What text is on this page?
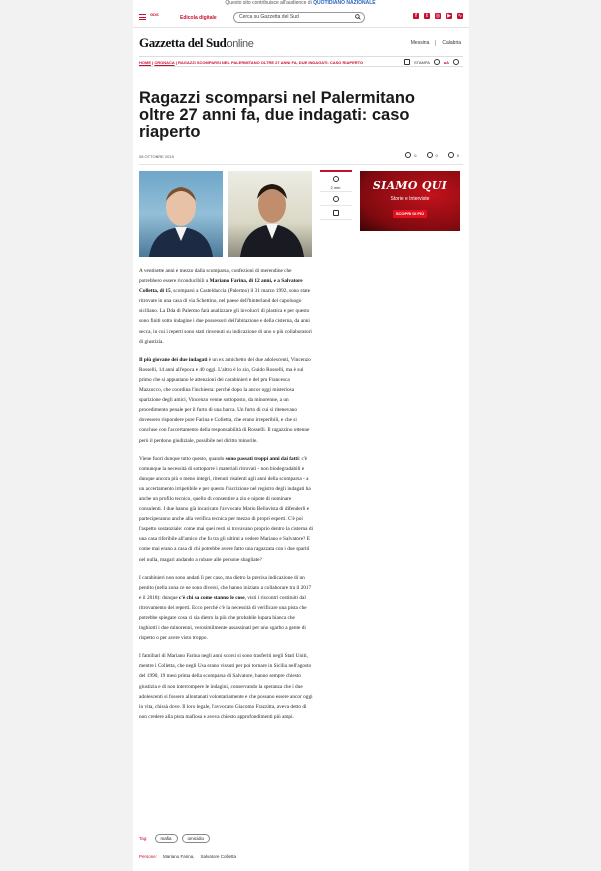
Questo sito contribuisce all'audience di QUOTIDIANO NAZIONALE
GDS
Edicola digitale	Cerca su Gazzetta del Sud	f	t	◎ ▶ ∿
Gazzetta del Sudonline	Messina	Calabria
HOME | CRONACA | RAGAZZI SCOMPARSI NEL PALERMITANO OLTRE 27 ANNI FA, DUE INDAGATI: CASO RIAPERTO	STAMPA	aA
Ragazzi scomparsi nel Palermitano oltre 27 anni fa, due indagati: caso riaperto
08 OTTOBRE 2019	0	0	0
2 min.	SIAMO QUI
Storie e Interviste
SCOPRI DI PIÙ

A ventisette anni e mezzo dalla scomparsa, confezioni di merendine che potrebbero essere riconducibili a Mariano Farina, di 12 anni, e a Salvatore Colletta, di 15, scomparsi a Casteldaccia (Palermo) il 31 marzo 1992, sono state ritrovate in una casa di via Schettino, nel paese dell'hinterland del capoluogo siciliano. La Dda di Palermo farà analizzare gli involucri di plastica e per questo sono finiti sotto indagine i due possessori dell'abitazione e della cisterna, da anni secca, in cui i reperti sono stati rinvenuti su indicazione di uno o più collaboratori di giustizia.

Il più giovane dei due indagati è un ex amichetto dei due adolescenti, Vincenzo Rosselli, 14 anni all'epoca e 40 oggi. L'altro è lo zio, Guido Rosselli, ma è sul primo che si appuntano le attenzioni dei carabinieri e del pm Francesca Mazzocco, che coordina l'inchiesta: perché dopo la ancor oggi misteriosa sparizione degli amici, Vincenzo venne sottoposto, da minorenne, a un procedimento penale per il furto di una barca. Un furto di cui si ritenevano dovessero rispondere pure Farina e Colletta, che erano irreperibili, e che si concluse con l'accertamento della responsabilità di Rosselli. Il ragazzino ottenne però il perdono giudiziale, possibile nel diritto minorile.

Viene fuori dunque tutto questo, quando sono passati troppi anni dai fatti: c'è comunque la necessità di sottoporre i materiali ritrovati - non biodegradabili e dunque ancora più o meno integri, ritenuti risalenti agli anni della scomparsa - a un accertamento irripetibile e per questo l'iscrizione nel registro degli indagati ha anche un profilo tecnico, quello di consentire a zio e nipote di nominare consulenti. I due hanno già incaricato l'avvocato Mario Bellavista di difenderli e parteciperanno anche alla verifica tecnica per mezzo di propri esperti. C'è poi l'aspetto sostanziale: come mai quei resti si trovavano proprio dentro la cisterna di una casa riferibile all'amico che fu tra gli ultimi a vedere Mariano e Salvatore? E come mai erano a casa di chi potrebbe avere fatto una ragazzata con i due spariti nel nulla, magari andando a rubare alle persone sbagliate?

I carabinieri non sono andati lì per caso, ma dietro la precisa indicazione di un pentito (nella zona ce ne sono diversi, che hanno iniziato a collaborare tra il 2017 e il 2018): dunque c'è chi sa come stanno le cose, visti i riscontri costituiti dal ritrovamento dei reperti. Ecco perché c'è la necessità di verificare una pista che potrebbe spiegare cosa ci sia dietro la più che probabile lupara bianca che inghiottì i due minorenni, verosimilmente assassinati per uno sgarbo a gente di rispetto o per avere visto troppo.

I familiari di Mariano Farina negli anni scorsi si sono trasferiti negli Stati Uniti, mentre i Colletta, che negli Usa erano vissuti per poi tornare in Sicilia nell'agosto del 1990, 19 mesi prima della scomparsa di Salvatore, hanno sempre chiesto giustizia e di non interrompere le indagini, conservando la speranza che i due adolescenti si fossero allontanati volontariamente e che possano essere ancor oggi in vita, chissà dove. Il loro legale, l'avvocato Giacomo Frazzitta, aveva detto di non credere alla pista mafiosa e aveva chiesto approfondimenti più ampi.

Tag:	mafia	omicidio
Persone: Mariano Farina, Salvatore Colletta
